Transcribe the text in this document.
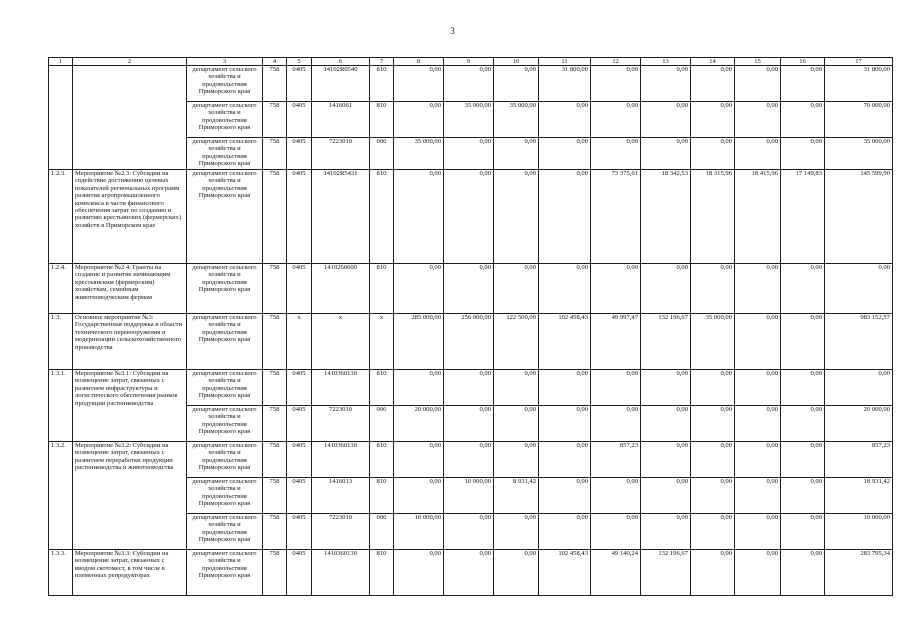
3
1	2	3	4	5	6	7	8	9	10	11	12	13	14	15	16	17
		департамент сельского хозяйства и продовольствия Приморского края	758	0405	14102R0540	810	0,00	0,00	0,00	31 800,00	0,00	0,00	0,00	0,00	0,00	31 800,00
		департамент сельского хозяйства и продовольствия Приморского края	758	0405	1416061	810	0,00	35 000,00	35 000,00	0,00	0,00	0,00	0,00	0,00	0,00	70 000,00
		департамент сельского хозяйства и продовольствия Приморского края	758	0405	7223010	006	35 000,00	0,00	0,00	0,00	0,00	0,00	0,00	0,00	0,00	35 000,00
1.2.3.	Мероприятие №2.3: Субсидии на содействие достижению целевых показателей региональных программ развития агропромышленного комплекса в части финансового обеспечения затрат по созданию и развитию крестьянских (фермерских) хозяйств в Приморском крае	департамент сельского хозяйства и продовольствия Приморского края	758	0405	14102R5431	810	0,00	0,00	0,00	0,00	73 375,61	18 342,53	18 315,96	18 415,96	17 149,83	145 599,90
1.2.4.	Мероприятие №2.4: Гранты на создание и развитие начинающим крестьянским (фермерским) хозяйствам, семейным животноводческим фермам	департамент сельского хозяйства и продовольствия Приморского края	758	0405	1410260600	810	0,00	0,00	0,00	0,00	0,00	0,00	0,00	0,00	0,00	0,00
1.3.	Основное мероприятие №3: Государственная поддержка в области технического перевооружения и модернизации сельскохозяйственного производства	департамент сельского хозяйства и продовольствия Приморского края	758	x	x	x	285 000,00	256 000,00	122 500,00	102 458,43	49 997,47	132 196,67	35 000,00	0,00	0,00	983 152,57
1.3.1.	Мероприятие №3.1: Субсидии на возмещение затрат, связанных с развитием инфраструктуры и логистического обеспечения рынков продукции растениеводства	департамент сельского хозяйства и продовольствия Приморского края	758	0405	1410360130	810	0,00	0,00	0,00	0,00	0,00	0,00	0,00	0,00	0,00	0,00
		департамент сельского хозяйства и продовольствия Приморского края	758	0405	7223010	006	20 000,00	0,00	0,00	0,00	0,00	0,00	0,00	0,00	0,00	20 000,00
1.3.2.	Мероприятие №3.2: Субсидии на возмещение затрат, связанных с развитием переработки продукции растениеводства и животноводства	департамент сельского хозяйства и продовольствия Приморского края	758	0405	1410360130	810	0,00	0,00	0,00	0,00	857,23	0,00	0,00	0,00	0,00	857,23
		департамент сельского хозяйства и продовольствия Приморского края	758	0405	1416013	810	0,00	10 000,00	8 931,42	0,00	0,00	0,00	0,00	0,00	0,00	18 931,42
		департамент сельского хозяйства и продовольствия Приморского края	758	0405	7223010	006	10 000,00	0,00	0,00	0,00	0,00	0,00	0,00	0,00	0,00	10 000,00
1.3.3.	Мероприятие №3.3: Субсидии на возмещение затрат, связанных с вводом скотомест, в том числе в племенных репродукторах	департамент сельского хозяйства и продовольствия Приморского края	758	0405	1410360130	810	0,00	0,00	0,00	102 458,43	49 140,24	132 196,67	0,00	0,00	0,00	283 795,34
